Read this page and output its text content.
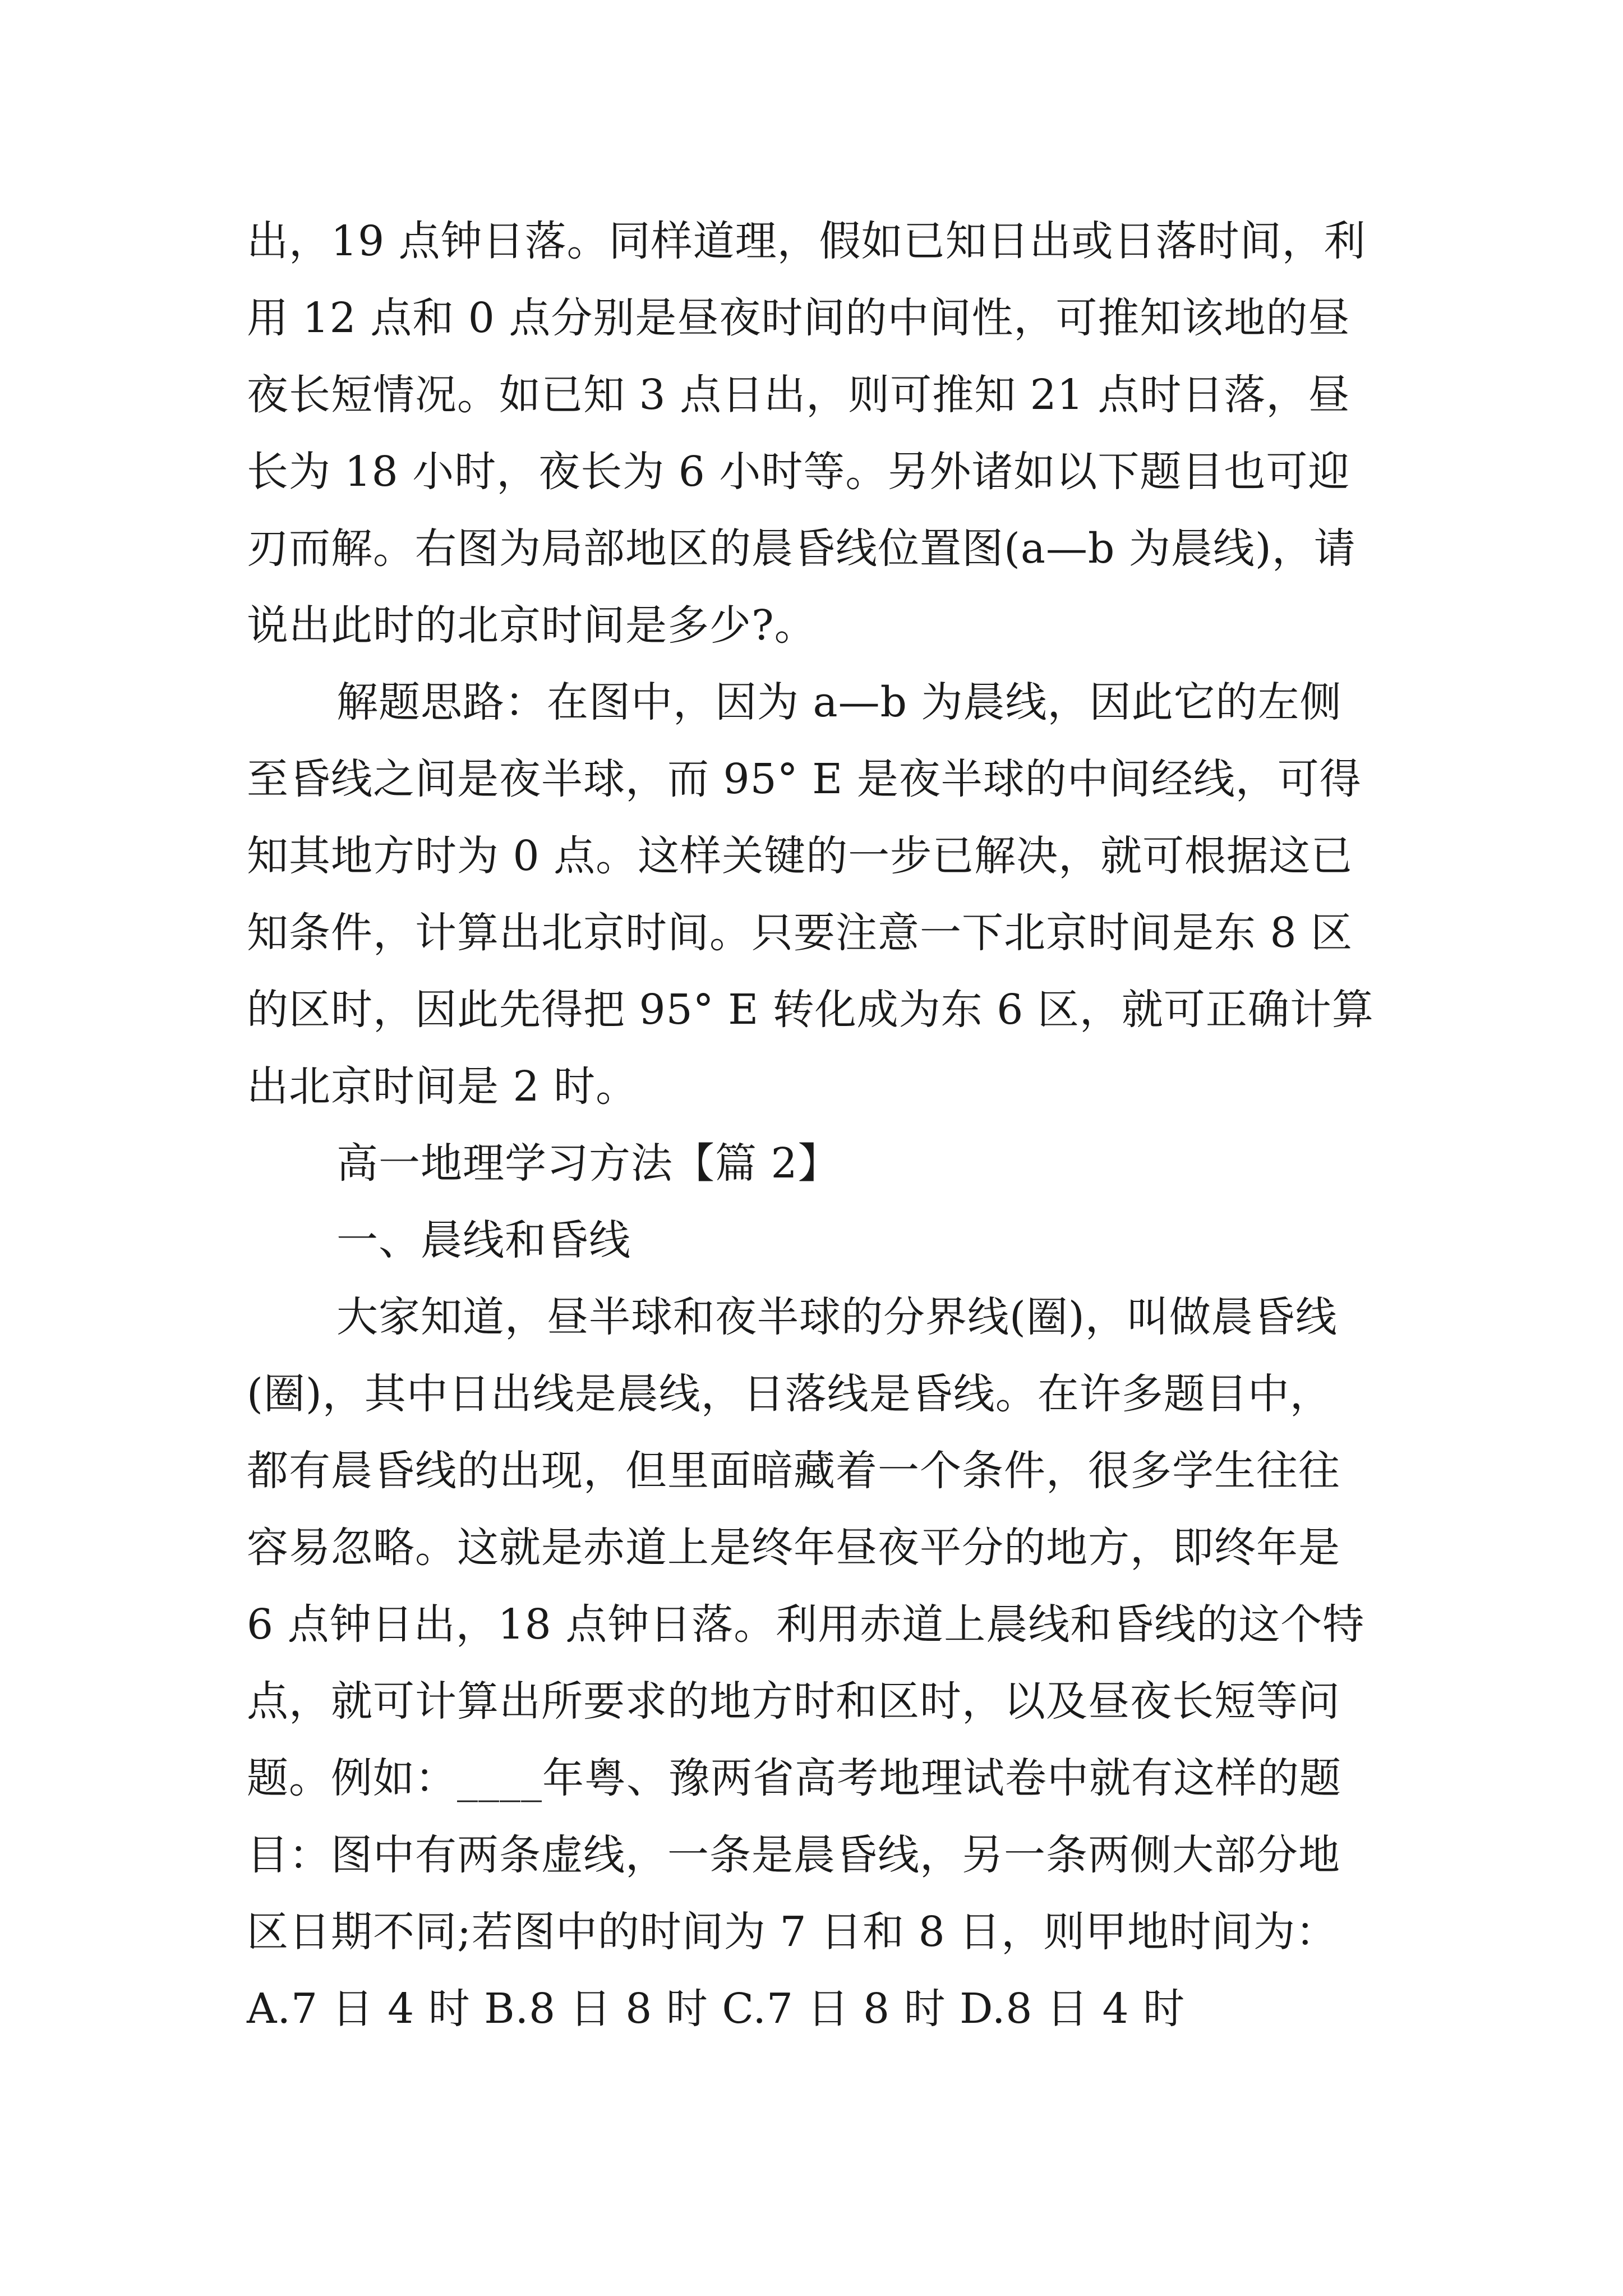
出，19 点钟日落。同样道理，假如已知日出或日落时间，利
用 12 点和 0 点分别是昼夜时间的中间性，可推知该地的昼
夜长短情况。如已知 3 点日出，则可推知 21 点时日落，昼
长为 18 小时，夜长为 6 小时等。另外诸如以下题目也可迎
刃而解。右图为局部地区的晨昏线位置图(a—b 为晨线)，请
说出此时的北京时间是多少?。
解题思路：在图中，因为 a—b 为晨线，因此它的左侧
至昏线之间是夜半球，而 95° E 是夜半球的中间经线，可得
知其地方时为 0 点。这样关键的一步已解决，就可根据这已
知条件，计算出北京时间。只要注意一下北京时间是东 8 区
的区时，因此先得把 95° E 转化成为东 6 区，就可正确计算
出北京时间是 2 时。
高一地理学习方法【篇 2】
一、晨线和昏线
大家知道，昼半球和夜半球的分界线(圈)，叫做晨昏线
(圈)，其中日出线是晨线，日落线是昏线。在许多题目中，
都有晨昏线的出现，但里面暗藏着一个条件，很多学生往往
容易忽略。这就是赤道上是终年昼夜平分的地方，即终年是
6 点钟日出，18 点钟日落。利用赤道上晨线和昏线的这个特
点，就可计算出所要求的地方时和区时，以及昼夜长短等问
题。例如：____年粤、豫两省高考地理试卷中就有这样的题
目：图中有两条虚线，一条是晨昏线，另一条两侧大部分地
区日期不同;若图中的时间为 7 日和 8 日，则甲地时间为：
A.7 日 4 时 B.8 日 8 时 C.7 日 8 时 D.8 日 4 时
